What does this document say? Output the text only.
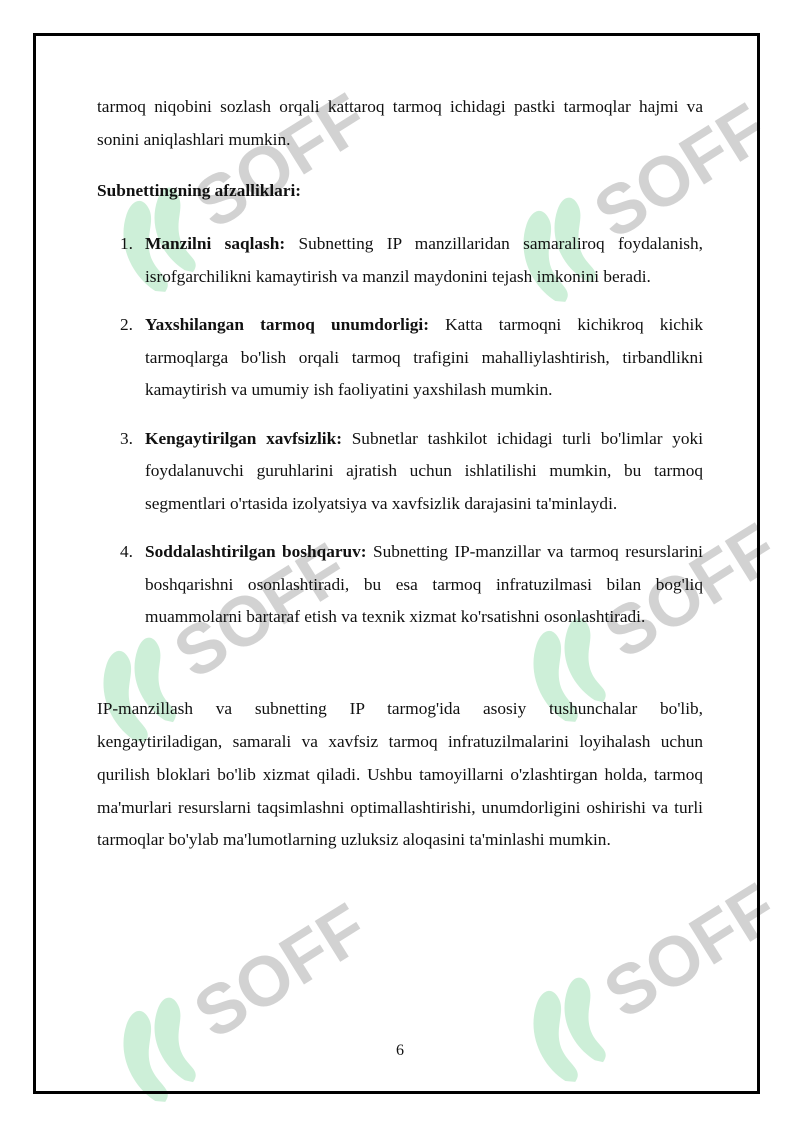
tarmoq niqobini sozlash orqali kattaroq tarmoq ichidagi pastki tarmoqlar hajmi va sonini aniqlashlari mumkin.

Subnettingning afzalliklari:

1. Manzilni saqlash: Subnetting IP manzillaridan samaraliroq foydalanish, isrofgarchilikni kamaytirish va manzil maydonini tejash imkonini beradi.
2. Yaxshilangan tarmoq unumdorligi: Katta tarmoqni kichikroq kichik tarmoqlarga bo'lish orqali tarmoq trafigini mahalliylashtirish, tirbandlikni kamaytirish va umumiy ish faoliyatini yaxshilash mumkin.
3. Kengaytirilgan xavfsizlik: Subnetlar tashkilot ichidagi turli bo'limlar yoki foydalanuvchi guruhlarini ajratish uchun ishlatilishi mumkin, bu tarmoq segmentlari o'rtasida izolyatsiya va xavfsizlik darajasini ta'minlaydi.
4. Soddalashtirilgan boshqaruv: Subnetting IP-manzillar va tarmoq resurslarini boshqarishni osonlashtiradi, bu esa tarmoq infratuzilmasi bilan bog'liq muammolarni bartaraf etish va texnik xizmat ko'rsatishni osonlashtiradi.

IP-manzillash va subnetting IP tarmog'ida asosiy tushunchalar bo'lib, kengaytiriladigan, samarali va xavfsiz tarmoq infratuzilmalarini loyihalash uchun qurilish bloklari bo'lib xizmat qiladi. Ushbu tamoyillarni o'zlashtirgan holda, tarmoq ma'murlari resurslarni taqsimlashni optimallashtirishi, unumdorligini oshirishi va turli tarmoqlar bo'ylab ma'lumotlarning uzluksiz aloqasini ta'minlashi mumkin.

6
